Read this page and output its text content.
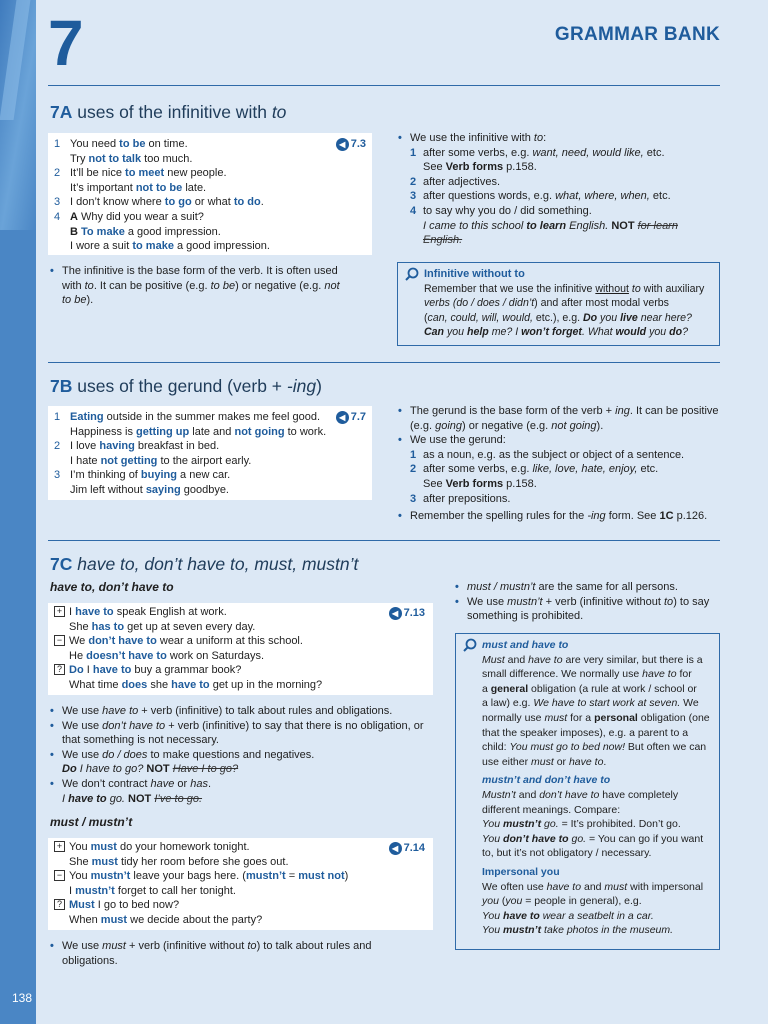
138
7	GRAMMAR BANK
7A uses of the infinitive with to
1 You need to be on time.
Try not to talk too much.
2 It’ll be nice to meet new people.
It’s important not to be late.
3 I don’t know where to go or what to do.
4 A Why did you wear a suit?
B To make a good impression.
I wore a suit to make a good impression.
◀ 7.3
• The infinitive is the base form of the verb. It is often used with to. It can be positive (e.g. to be) or negative (e.g. not to be).
• We use the infinitive with to:
1 after some verbs, e.g. want, need, would like, etc.
See Verb forms p.158.
2 after adjectives.
3 after questions words, e.g. what, where, when, etc.
4 to say why you do / did something.
I came to this school to learn English. NOT for learn
English.
Infinitive without to
Remember that we use the infinitive without to with auxiliary
verbs (do / does / didn’t) and after most modal verbs
(can, could, will, would, etc.), e.g. Do you live near here?
Can you help me? I won’t forget. What would you do?
7B uses of the gerund (verb + -ing)
1 Eating outside in the summer makes me feel good.
Happiness is getting up late and not going to work.
2 I love having breakfast in bed.
I hate not getting to the airport early.
3 I’m thinking of buying a new car.
Jim left without saying goodbye.
◀ 7.7	• The gerund is the base form of the verb + ing. It can be positive (e.g. going) or negative (e.g. not going).
• We use the gerund:
1 as a noun, e.g. as the subject or object of a sentence.
2 after some verbs, e.g. like, love, hate, enjoy, etc.
See Verb forms p.158.
3 after prepositions.
• Remember the spelling rules for the -ing form. See 1C p.126.
7C have to, don’t have to, must, mustn’t
have to, don’t have to
+ I have to speak English at work.
She has to get up at seven every day.
− We don’t have to wear a uniform at this school.
He doesn’t have to work on Saturdays.
? Do I have to buy a grammar book?
What time does she have to get up in the morning?
◀ 7.13
• We use have to + verb (infinitive) to talk about rules and obligations.
• We use don’t have to + verb (infinitive) to say that there is no obligation, or that something is not necessary.
• We use do / does to make questions and negatives.
Do I have to go? NOT Have I to go?
• We don’t contract have or has.
I have to go. NOT I’ve to go.
must / mustn’t
+ You must do your homework tonight.
She must tidy her room before she goes out.
− You mustn’t leave your bags here. (mustn’t = must not)
I mustn’t forget to call her tonight.
? Must I go to bed now?
When must we decide about the party?
◀ 7.14
• We use must + verb (infinitive without to) to talk about rules and obligations.
• must / mustn’t are the same for all persons.
• We use mustn’t + verb (infinitive without to) to say something is prohibited.
must and have to
Must and have to are very similar, but there is a
small difference. We normally use have to for
a general obligation (a rule at work / school or
a law) e.g. We have to start work at seven. We
normally use must for a personal obligation (one
that the speaker imposes), e.g. a parent to a
child: You must go to bed now! But often we can
use either must or have to.
mustn’t and don’t have to
Mustn’t and don’t have to have completely
different meanings. Compare:
You mustn’t go. = It’s prohibited. Don’t go.
You don’t have to go. = You can go if you want
to, but it’s not obligatory / necessary.
Impersonal you
We often use have to and must with impersonal
you (you = people in general), e.g.
You have to wear a seatbelt in a car.
You mustn’t take photos in the museum.
